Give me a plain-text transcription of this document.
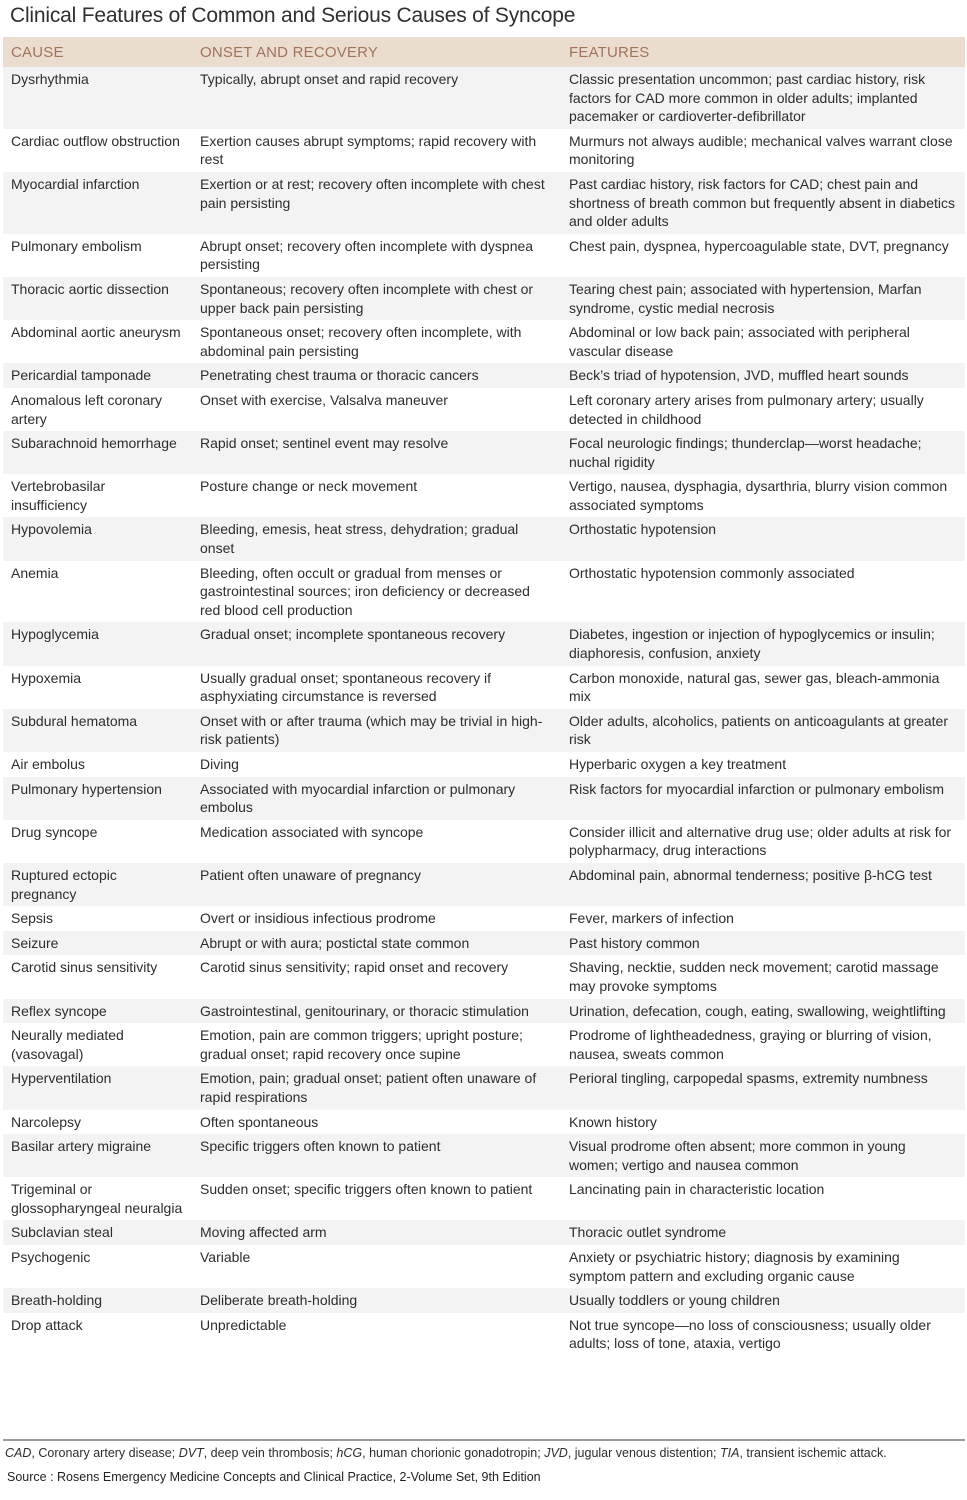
Clinical Features of Common and Serious Causes of Syncope
CAUSE	ONSET AND RECOVERY	FEATURES
Dysrhythmia	Typically, abrupt onset and rapid recovery	Classic presentation uncommon; past cardiac history, risk factors for CAD more common in older adults; implanted pacemaker or cardioverter-defibrillator
Cardiac outflow obstruction	Exertion causes abrupt symptoms; rapid recovery with rest	Murmurs not always audible; mechanical valves warrant close monitoring
Myocardial infarction	Exertion or at rest; recovery often incomplete with chest pain persisting	Past cardiac history, risk factors for CAD; chest pain and shortness of breath common but frequently absent in diabetics and older adults
Pulmonary embolism	Abrupt onset; recovery often incomplete with dyspnea persisting	Chest pain, dyspnea, hypercoagulable state, DVT, pregnancy
Thoracic aortic dissection	Spontaneous; recovery often incomplete with chest or upper back pain persisting	Tearing chest pain; associated with hypertension, Marfan syndrome, cystic medial necrosis
Abdominal aortic aneurysm	Spontaneous onset; recovery often incomplete, with abdominal pain persisting	Abdominal or low back pain; associated with peripheral vascular disease
Pericardial tamponade	Penetrating chest trauma or thoracic cancers	Beck’s triad of hypotension, JVD, muffled heart sounds
Anomalous left coronary artery	Onset with exercise, Valsalva maneuver	Left coronary artery arises from pulmonary artery; usually detected in childhood
Subarachnoid hemorrhage	Rapid onset; sentinel event may resolve	Focal neurologic findings; thunderclap—worst headache; nuchal rigidity
Vertebrobasilar insufficiency	Posture change or neck movement	Vertigo, nausea, dysphagia, dysarthria, blurry vision common associated symptoms
Hypovolemia	Bleeding, emesis, heat stress, dehydration; gradual onset	Orthostatic hypotension
Anemia	Bleeding, often occult or gradual from menses or gastrointestinal sources; iron deficiency or decreased red blood cell production	Orthostatic hypotension commonly associated
Hypoglycemia	Gradual onset; incomplete spontaneous recovery	Diabetes, ingestion or injection of hypoglycemics or insulin; diaphoresis, confusion, anxiety
Hypoxemia	Usually gradual onset; spontaneous recovery if asphyxiating circumstance is reversed	Carbon monoxide, natural gas, sewer gas, bleach-ammonia mix
Subdural hematoma	Onset with or after trauma (which may be trivial in high-risk patients)	Older adults, alcoholics, patients on anticoagulants at greater risk
Air embolus	Diving	Hyperbaric oxygen a key treatment
Pulmonary hypertension	Associated with myocardial infarction or pulmonary embolus	Risk factors for myocardial infarction or pulmonary embolism
Drug syncope	Medication associated with syncope	Consider illicit and alternative drug use; older adults at risk for polypharmacy, drug interactions
Ruptured ectopic pregnancy	Patient often unaware of pregnancy	Abdominal pain, abnormal tenderness; positive β-hCG test
Sepsis	Overt or insidious infectious prodrome	Fever, markers of infection
Seizure	Abrupt or with aura; postictal state common	Past history common
Carotid sinus sensitivity	Carotid sinus sensitivity; rapid onset and recovery	Shaving, necktie, sudden neck movement; carotid massage may provoke symptoms
Reflex syncope	Gastrointestinal, genitourinary, or thoracic stimulation	Urination, defecation, cough, eating, swallowing, weightlifting
Neurally mediated (vasovagal)	Emotion, pain are common triggers; upright posture; gradual onset; rapid recovery once supine	Prodrome of lightheadedness, graying or blurring of vision, nausea, sweats common
Hyperventilation	Emotion, pain; gradual onset; patient often unaware of rapid respirations	Perioral tingling, carpopedal spasms, extremity numbness
Narcolepsy	Often spontaneous	Known history
Basilar artery migraine	Specific triggers often known to patient	Visual prodrome often absent; more common in young women; vertigo and nausea common
Trigeminal or glossopharyngeal neuralgia	Sudden onset; specific triggers often known to patient	Lancinating pain in characteristic location
Subclavian steal	Moving affected arm	Thoracic outlet syndrome
Psychogenic	Variable	Anxiety or psychiatric history; diagnosis by examining symptom pattern and excluding organic cause
Breath-holding	Deliberate breath-holding	Usually toddlers or young children
Drop attack	Unpredictable	Not true syncope—no loss of consciousness; usually older adults; loss of tone, ataxia, vertigo
CAD, Coronary artery disease; DVT, deep vein thrombosis; hCG, human chorionic gonadotropin; JVD, jugular venous distention; TIA, transient ischemic attack.
Source : Rosens Emergency Medicine Concepts and Clinical Practice, 2-Volume Set, 9th Edition
